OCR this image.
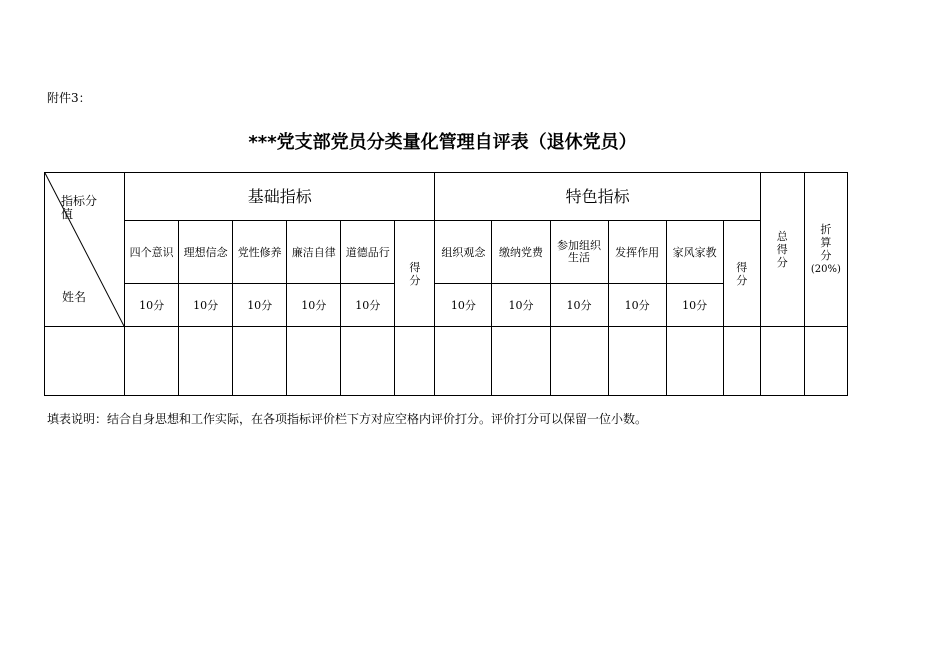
附件3：
***党支部党员分类量化管理自评表（退休党员）
指标分值
姓名	基础指标						特色指标						总得分	折算分
(20%)
	四个意识	理想信念	党性修养	廉洁自律	道德品行	得分	组织观念	缴纳党费	参加组织生活	发挥作用	家风家教	得分		
	10分	10分	10分	10分	10分		10分	10分	10分	10分	10分			

填表说明：结合自身思想和工作实际，在各项指标评价栏下方对应空格内评价打分。评价打分可以保留一位小数。
